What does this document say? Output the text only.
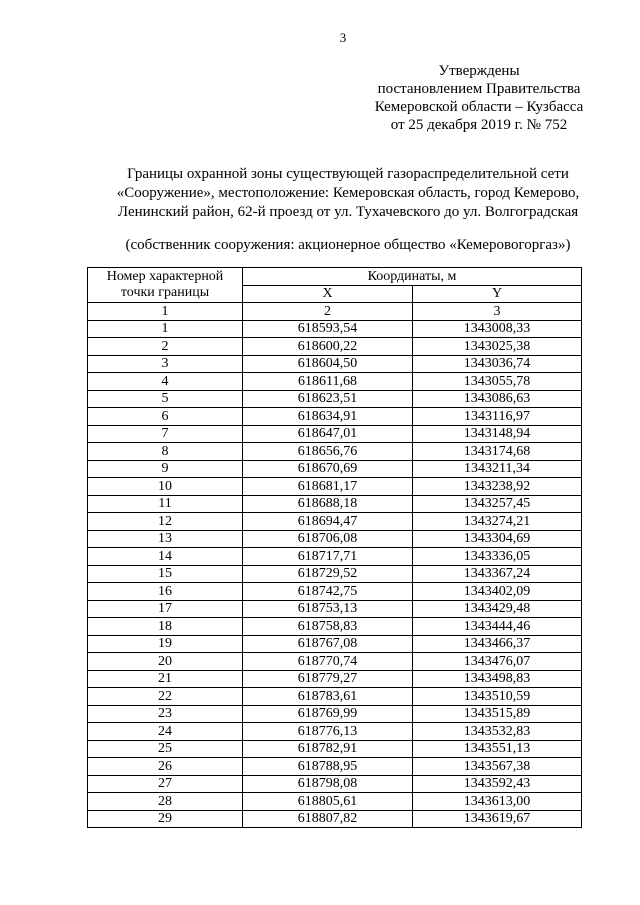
3
Утверждены
постановлением Правительства
Кемеровской области – Кузбасса
от 25 декабря 2019 г. № 752
Границы охранной зоны существующей газораспределительной сети
«Сооружение», местоположение: Кемеровская область, город Кемерово,
Ленинский район, 62-й проезд от ул. Тухачевского до ул. Волгоградская
(собственник сооружения: акционерное общество «Кемеровогоргаз»)
Номер характерной
точки границы	Координаты, м	
	X	Y
1	2	3
1	618593,54	1343008,33
2	618600,22	1343025,38
3	618604,50	1343036,74
4	618611,68	1343055,78
5	618623,51	1343086,63
6	618634,91	1343116,97
7	618647,01	1343148,94
8	618656,76	1343174,68
9	618670,69	1343211,34
10	618681,17	1343238,92
11	618688,18	1343257,45
12	618694,47	1343274,21
13	618706,08	1343304,69
14	618717,71	1343336,05
15	618729,52	1343367,24
16	618742,75	1343402,09
17	618753,13	1343429,48
18	618758,83	1343444,46
19	618767,08	1343466,37
20	618770,74	1343476,07
21	618779,27	1343498,83
22	618783,61	1343510,59
23	618769,99	1343515,89
24	618776,13	1343532,83
25	618782,91	1343551,13
26	618788,95	1343567,38
27	618798,08	1343592,43
28	618805,61	1343613,00
29	618807,82	1343619,67
